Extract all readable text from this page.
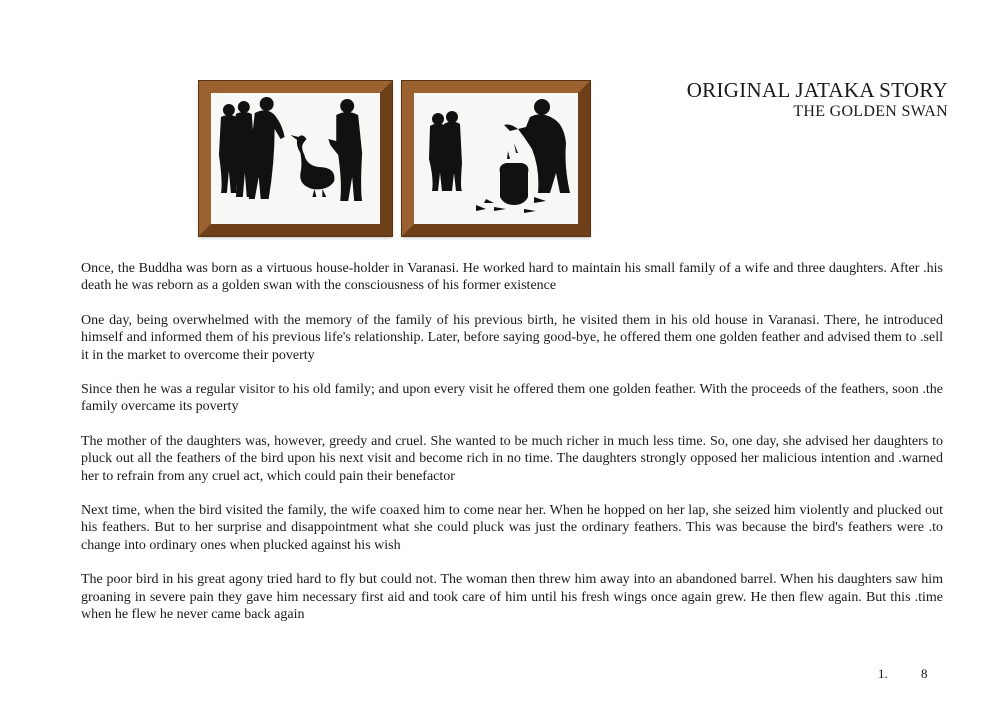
ORIGINAL JATAKA STORY
THE GOLDEN SWAN

Once, the Buddha was born as a virtuous house-holder in Varanasi. He worked hard to maintain his small family of a wife and three daughters. After .his death he was reborn as a golden swan with the consciousness of his former existence

One day, being overwhelmed with the memory of the family of his previous birth, he visited them in his old house in Varanasi. There, he introduced himself and informed them of his previous life's relationship. Later, before saying good-bye, he offered them one golden feather and advised them to .sell it in the market to overcome their poverty

Since then he was a regular visitor to his old family; and upon every visit he offered them one golden feather. With the proceeds of the feathers, soon .the family overcame its poverty

The mother of the daughters was, however, greedy and cruel. She wanted to be much richer in much less time. So, one day, she advised her daughters to pluck out all the feathers of the bird upon his next visit and become rich in no time. The daughters strongly opposed her malicious intention and .warned her to refrain from any cruel act, which could pain their benefactor

Next time, when the bird visited the family, the wife coaxed him to come near her. When he hopped on her lap, she seized him violently and plucked out his feathers. But to her surprise and disappointment what she could pluck was just the ordinary feathers. This was because the bird's feathers were .to change into ordinary ones when plucked against his wish

The poor bird in his great agony tried hard to fly but could not. The woman then threw him away into an abandoned barrel. When his daughters saw him groaning in severe pain they gave him necessary first aid and took care of him until his fresh wings once again grew. He then flew again. But this .time when he flew he never came back again

1.	8
